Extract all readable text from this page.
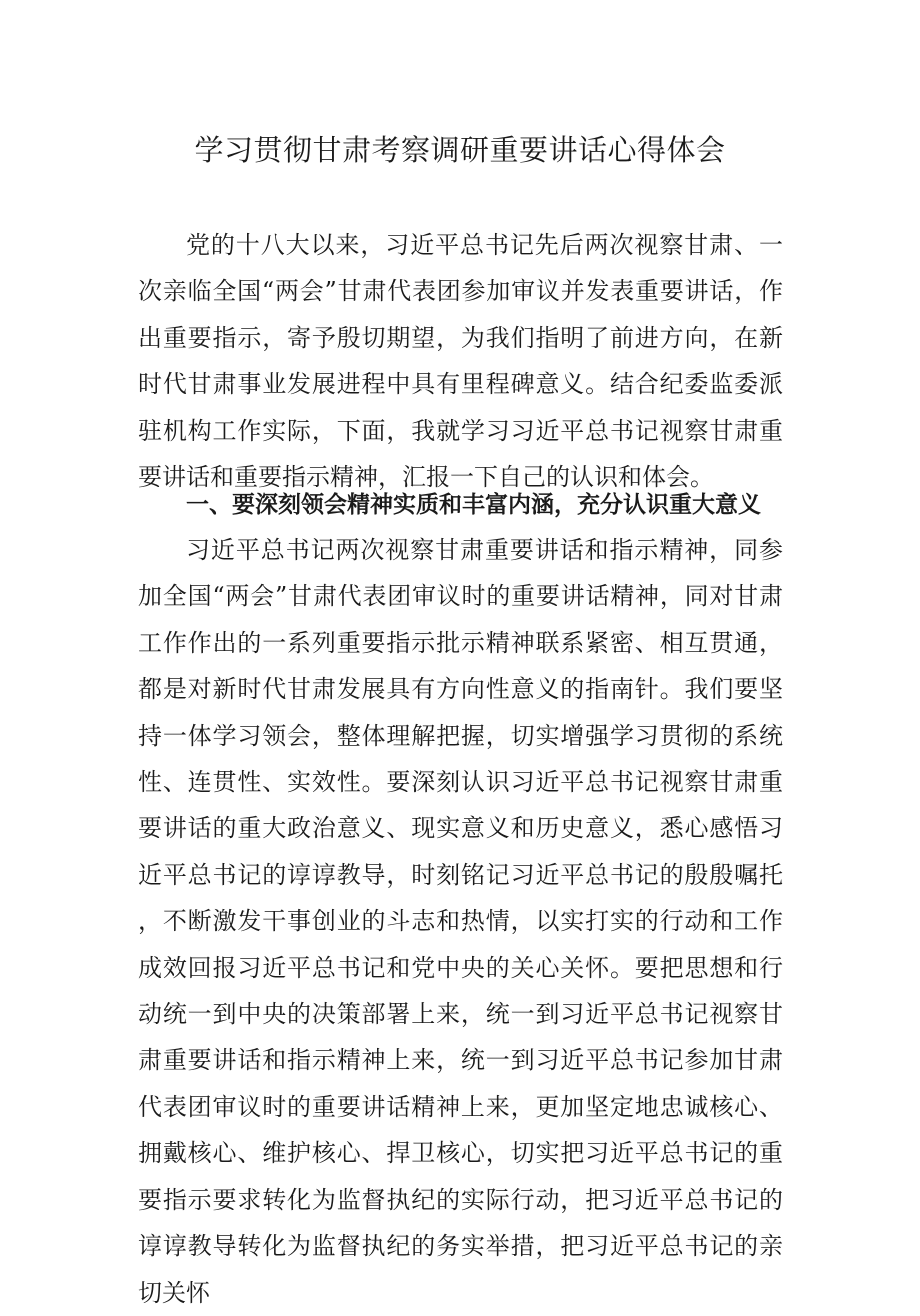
学习贯彻甘肃考察调研重要讲话心得体会

党的十八大以来，习近平总书记先后两次视察甘肃、一次亲临全国“两会”甘肃代表团参加审议并发表重要讲话，作出重要指示，寄予殷切期望，为我们指明了前进方向，在新时代甘肃事业发展进程中具有里程碑意义。结合纪委监委派驻机构工作实际，下面，我就学习习近平总书记视察甘肃重要讲话和重要指示精神，汇报一下自己的认识和体会。

一、要深刻领会精神实质和丰富内涵，充分认识重大意义

习近平总书记两次视察甘肃重要讲话和指示精神，同参加全国“两会”甘肃代表团审议时的重要讲话精神，同对甘肃工作作出的一系列重要指示批示精神联系紧密、相互贯通，都是对新时代甘肃发展具有方向性意义的指南针。我们要坚持一体学习领会，整体理解把握，切实增强学习贯彻的系统性、连贯性、实效性。要深刻认识习近平总书记视察甘肃重要讲话的重大政治意义、现实意义和历史意义，悉心感悟习近平总书记的谆谆教导，时刻铭记习近平总书记的殷殷嘱托，不断激发干事创业的斗志和热情，以实打实的行动和工作成效回报习近平总书记和党中央的关心关怀。要把思想和行动统一到中央的决策部署上来，统一到习近平总书记视察甘肃重要讲话和指示精神上来，统一到习近平总书记参加甘肃代表团审议时的重要讲话精神上来，更加坚定地忠诚核心、拥戴核心、维护核心、捍卫核心，切实把习近平总书记的重要指示要求转化为监督执纪的实际行动，把习近平总书记的谆谆教导转化为监督执纪的务实举措，把习近平总书记的亲切关怀
